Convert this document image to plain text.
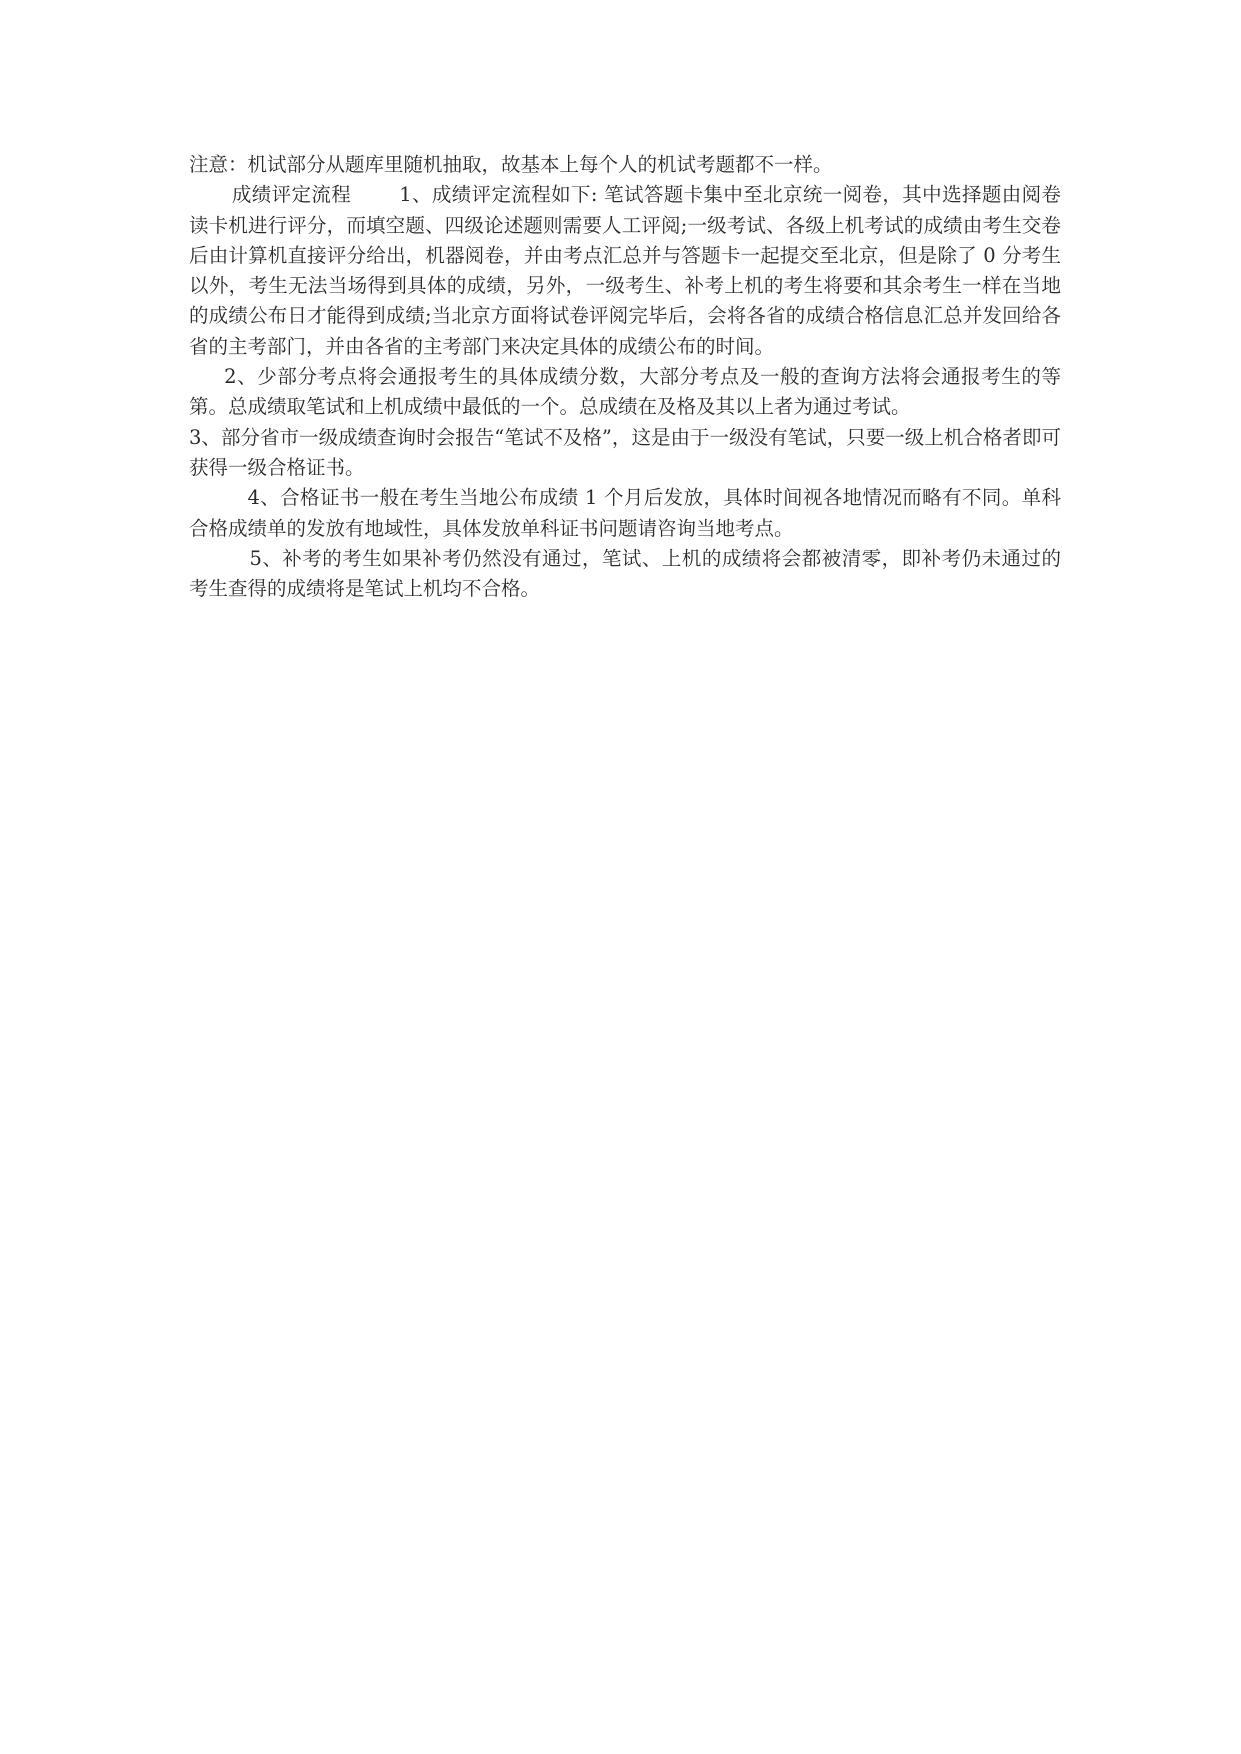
注意：机试部分从题库里随机抽取，故基本上每个人的机试考题都不一样。

成绩评定流程 1、成绩评定流程如下: 笔试答题卡集中至北京统一阅卷，其中选择题由阅卷读卡机进行评分，而填空题、四级论述题则需要人工评阅;一级考试、各级上机考试的成绩由考生交卷后由计算机直接评分给出，机器阅卷，并由考点汇总并与答题卡一起提交至北京，但是除了 0 分考生以外，考生无法当场得到具体的成绩，另外，一级考生、补考上机的考生将要和其余考生一样在当地的成绩公布日才能得到成绩;当北京方面将试卷评阅完毕后，会将各省的成绩合格信息汇总并发回给各省的主考部门，并由各省的主考部门来决定具体的成绩公布的时间。

2、少部分考点将会通报考生的具体成绩分数，大部分考点及一般的查询方法将会通报考生的等第。总成绩取笔试和上机成绩中最低的一个。总成绩在及格及其以上者为通过考试。

3、部分省市一级成绩查询时会报告“笔试不及格”，这是由于一级没有笔试，只要一级上机合格者即可获得一级合格证书。

4、合格证书一般在考生当地公布成绩 1 个月后发放，具体时间视各地情况而略有不同。单科合格成绩单的发放有地域性，具体发放单科证书问题请咨询当地考点。

5、补考的考生如果补考仍然没有通过，笔试、上机的成绩将会都被清零，即补考仍未通过的考生查得的成绩将是笔试上机均不合格。
